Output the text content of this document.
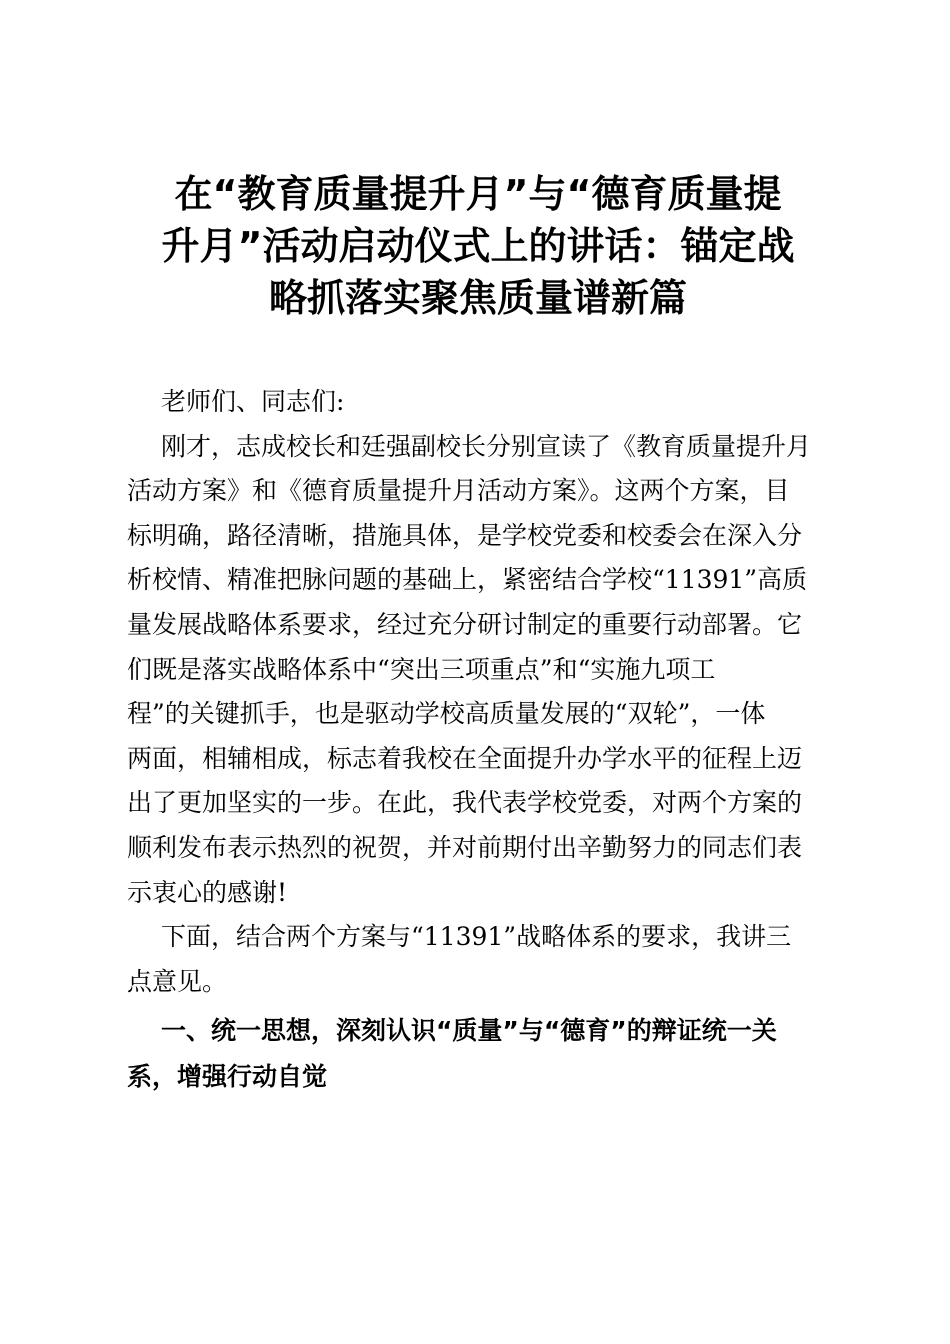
在“教育质量提升月”与“德育质量提
升月”活动启动仪式上的讲话：锚定战
略抓落实聚焦质量谱新篇
老师们、同志们:
刚才，志成校长和廷强副校长分别宣读了《教育质量提升月
活动方案》和《德育质量提升月活动方案》。这两个方案，目
标明确，路径清晰，措施具体，是学校党委和校委会在深入分
析校情、精准把脉问题的基础上，紧密结合学校“11391”高质
量发展战略体系要求，经过充分研讨制定的重要行动部署。它
们既是落实战略体系中“突出三项重点”和“实施九项工
程”的关键抓手，也是驱动学校高质量发展的“双轮”，一体
两面，相辅相成，标志着我校在全面提升办学水平的征程上迈
出了更加坚实的一步。在此，我代表学校党委，对两个方案的
顺利发布表示热烈的祝贺，并对前期付出辛勤努力的同志们表
示衷心的感谢!
下面，结合两个方案与“11391”战略体系的要求，我讲三
点意见。
一、统一思想，深刻认识“质量”与“德育”的辩证统一关
系，增强行动自觉
